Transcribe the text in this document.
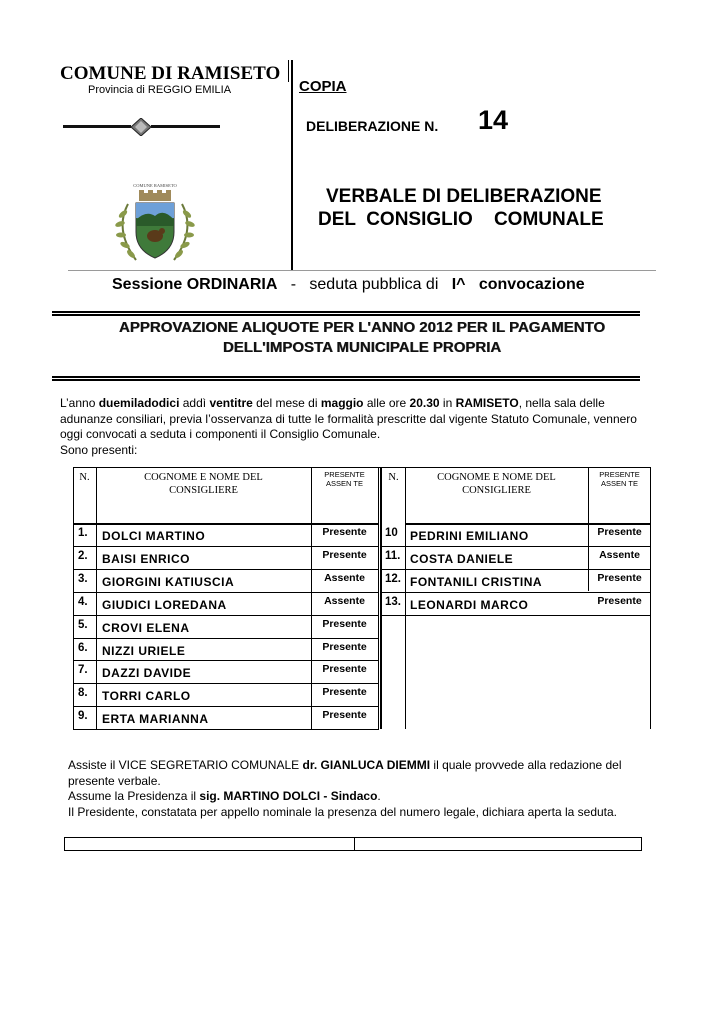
COMUNE DI RAMISETO
Provincia di REGGIO EMILIA	COPIA
DELIBERAZIONE N. 14
VERBALE DI DELIBERAZIONE
DEL  CONSIGLIO    COMUNALE
COMUNE RAMISETO
Sessione ORDINARIA - seduta pubblica di I^ convocazione
APPROVAZIONE ALIQUOTE PER L'ANNO 2012 PER IL PAGAMENTO
DELL'IMPOSTA MUNICIPALE PROPRIA
L’anno duemiladodici addì ventitre del mese di maggio alle ore 20.30 in RAMISETO, nella sala delle adunanze consiliari, previa l’osservanza di tutte le formalità prescritte dal vigente Statuto Comunale, vennero oggi convocati a seduta i componenti il Consiglio Comunale.
Sono presenti:
N.	COGNOME E NOME DEL CONSIGLIERE
PRESENTE ASSEN TE
N.	COGNOME E NOME DEL CONSIGLIERE
PRESENTE ASSEN TE
1. DOLCI MARTINO	Presente
2. BAISI ENRICO	Presente
3. GIORGINI KATIUSCIA	Assente
4. GIUDICI LOREDANA	Assente
5. CROVI ELENA	Presente
6. NIZZI URIELE	Presente
7. DAZZI DAVIDE	Presente
8. TORRI CARLO	Presente
9. ERTA MARIANNA	Presente
10 PEDRINI EMILIANO	Presente
11. COSTA DANIELE	Assente
12. FONTANILI CRISTINA	Presente
13. LEONARDI MARCO	Presente
Assiste il VICE SEGRETARIO COMUNALE dr. GIANLUCA DIEMMI il quale provvede alla redazione del presente verbale.
Assume la Presidenza il sig. MARTINO DOLCI - Sindaco.
Il Presidente, constatata per appello nominale la presenza del numero legale, dichiara aperta la seduta.
